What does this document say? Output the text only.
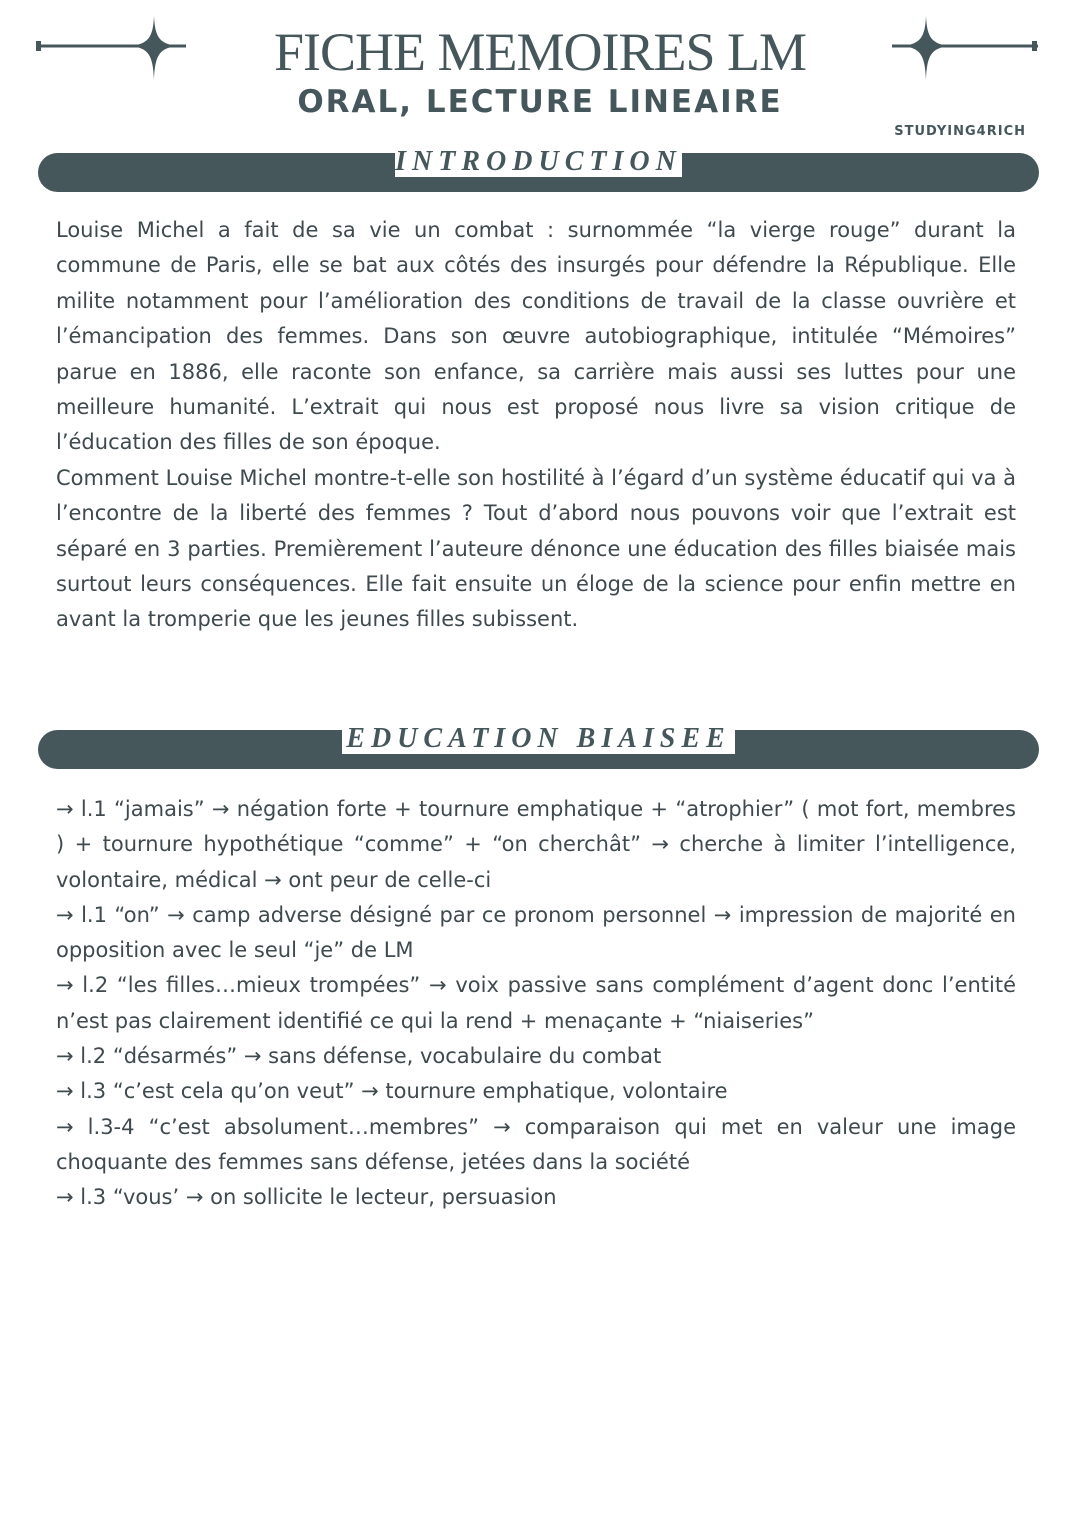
FICHE MEMOIRES LM
ORAL, LECTURE LINEAIRE
STUDYING4RICH
INTRODUCTION

Louise Michel a fait de sa vie un combat : surnommée “la vierge rouge” durant la commune de Paris, elle se bat aux côtés des insurgés pour défendre la République. Elle milite notamment pour l’amélioration des conditions de travail de la classe ouvrière et l’émancipation des femmes. Dans son œuvre autobiographique, intitulée “Mémoires” parue en 1886, elle raconte son enfance, sa carrière mais aussi ses luttes pour une meilleure humanité. L’extrait qui nous est proposé nous livre sa vision critique de l’éducation des filles de son époque.

Comment Louise Michel montre-t-elle son hostilité à l’égard d’un système éducatif qui va à l’encontre de la liberté des femmes ? Tout d’abord nous pouvons voir que l’extrait est séparé en 3 parties. Premièrement l’auteure dénonce une éducation des filles biaisée mais surtout leurs conséquences. Elle fait ensuite un éloge de la science pour enfin mettre en avant la tromperie que les jeunes filles subissent.

EDUCATION BIAISEE
→ l.1 “jamais” → négation forte + tournure emphatique + “atrophier” ( mot fort, membres ) + tournure hypothétique “comme” + “on cherchât” → cherche à limiter l’intelligence, volontaire, médical → ont peur de celle-ci
→ l.1 “on” → camp adverse désigné par ce pronom personnel → impression de majorité en opposition avec le seul “je” de LM
→ l.2 “les filles…mieux trompées” → voix passive sans complément d’agent donc l’entité n’est pas clairement identifié ce qui la rend + menaçante + “niaiseries”
→ l.2 “désarmés” → sans défense, vocabulaire du combat
→ l.3 “c’est cela qu’on veut” → tournure emphatique, volontaire
→ l.3-4 “c’est absolument…membres” → comparaison qui met en valeur une image choquante des femmes sans défense, jetées dans la société
→ l.3 “vous’ → on sollicite le lecteur, persuasion
